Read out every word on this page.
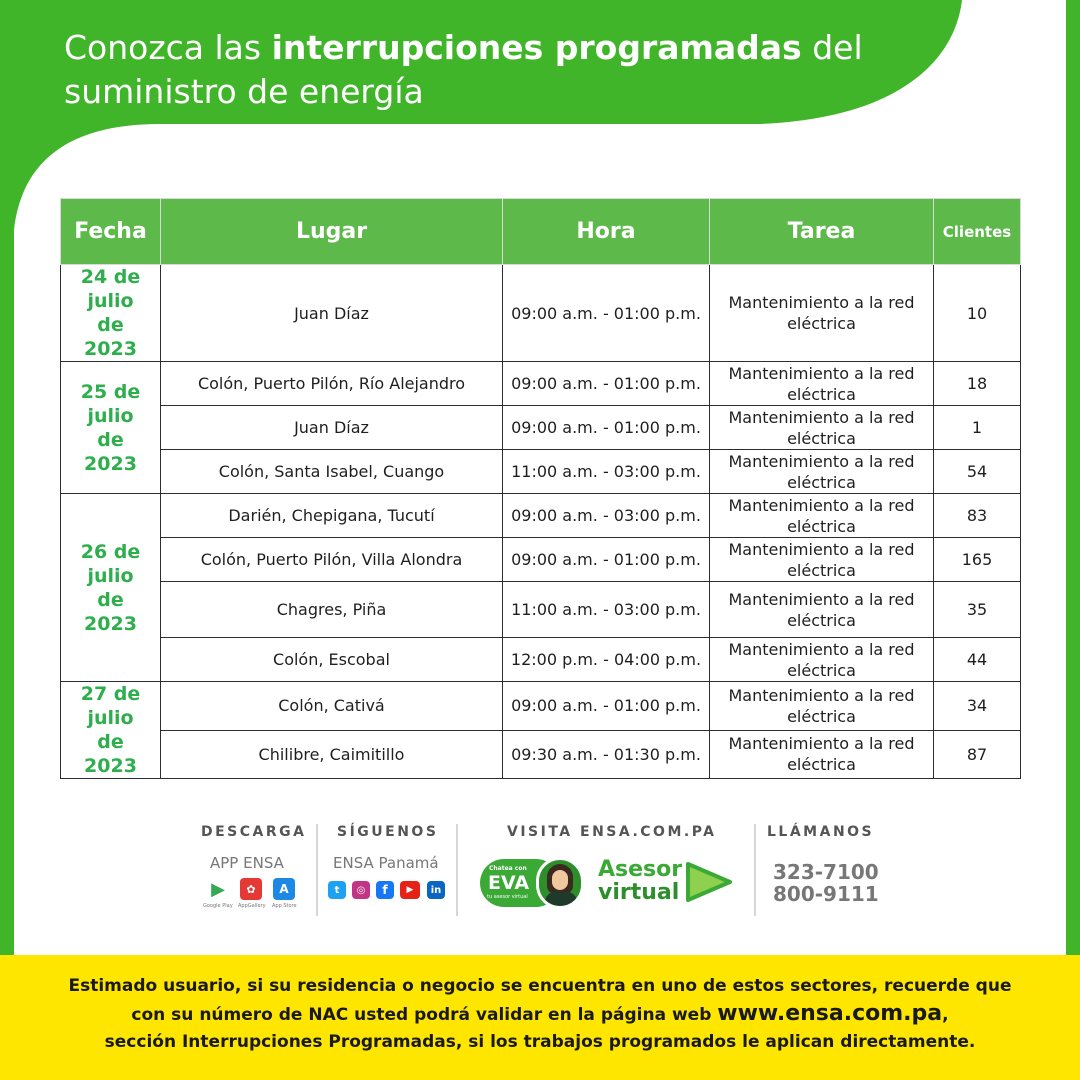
Conozca las interrupciones programadas del
suministro de energía
Fecha	Lugar	Hora	Tarea	Clientes
24 de julio de 2023	Juan Díaz	09:00 a.m. - 01:00 p.m.	Mantenimiento a la red eléctrica	10
25 de julio de 2023	Colón, Puerto Pilón, Río Alejandro	09:00 a.m. - 01:00 p.m.	Mantenimiento a la red eléctrica	18
	Juan Díaz	09:00 a.m. - 01:00 p.m.	Mantenimiento a la red eléctrica	1
	Colón, Santa Isabel, Cuango	11:00 a.m. - 03:00 p.m.	Mantenimiento a la red eléctrica	54
26 de julio de 2023	Darién, Chepigana, Tucutí	09:00 a.m. - 03:00 p.m.	Mantenimiento a la red eléctrica	83
	Colón, Puerto Pilón, Villa Alondra	09:00 a.m. - 01:00 p.m.	Mantenimiento a la red eléctrica	165
	Chagres, Piña	11:00 a.m. - 03:00 p.m.	Mantenimiento a la red eléctrica	35
	Colón, Escobal	12:00 p.m. - 04:00 p.m.	Mantenimiento a la red eléctrica	44
27 de julio de 2023	Colón, Cativá	09:00 a.m. - 01:00 p.m.	Mantenimiento a la red eléctrica	34
	Chilibre, Caimitillo	09:30 a.m. - 01:30 p.m.	Mantenimiento a la red eléctrica	87
DESCARGA
APP ENSA
▶	✿	A
Google Play AppGallery App Store
SÍGUENOS
ENSA Panamá
t	◎	f	▶	in
VISITA ENSA.COM.PA
Chatea con
EVA
tu asesor virtual
Asesor
virtual
LLÁMANOS
323-7100
800-9111
Estimado usuario, si su residencia o negocio se encuentra en uno de estos sectores, recuerde que
con su número de NAC usted podrá validar en la página web www.ensa.com.pa,
sección Interrupciones Programadas, si los trabajos programados le aplican directamente.
